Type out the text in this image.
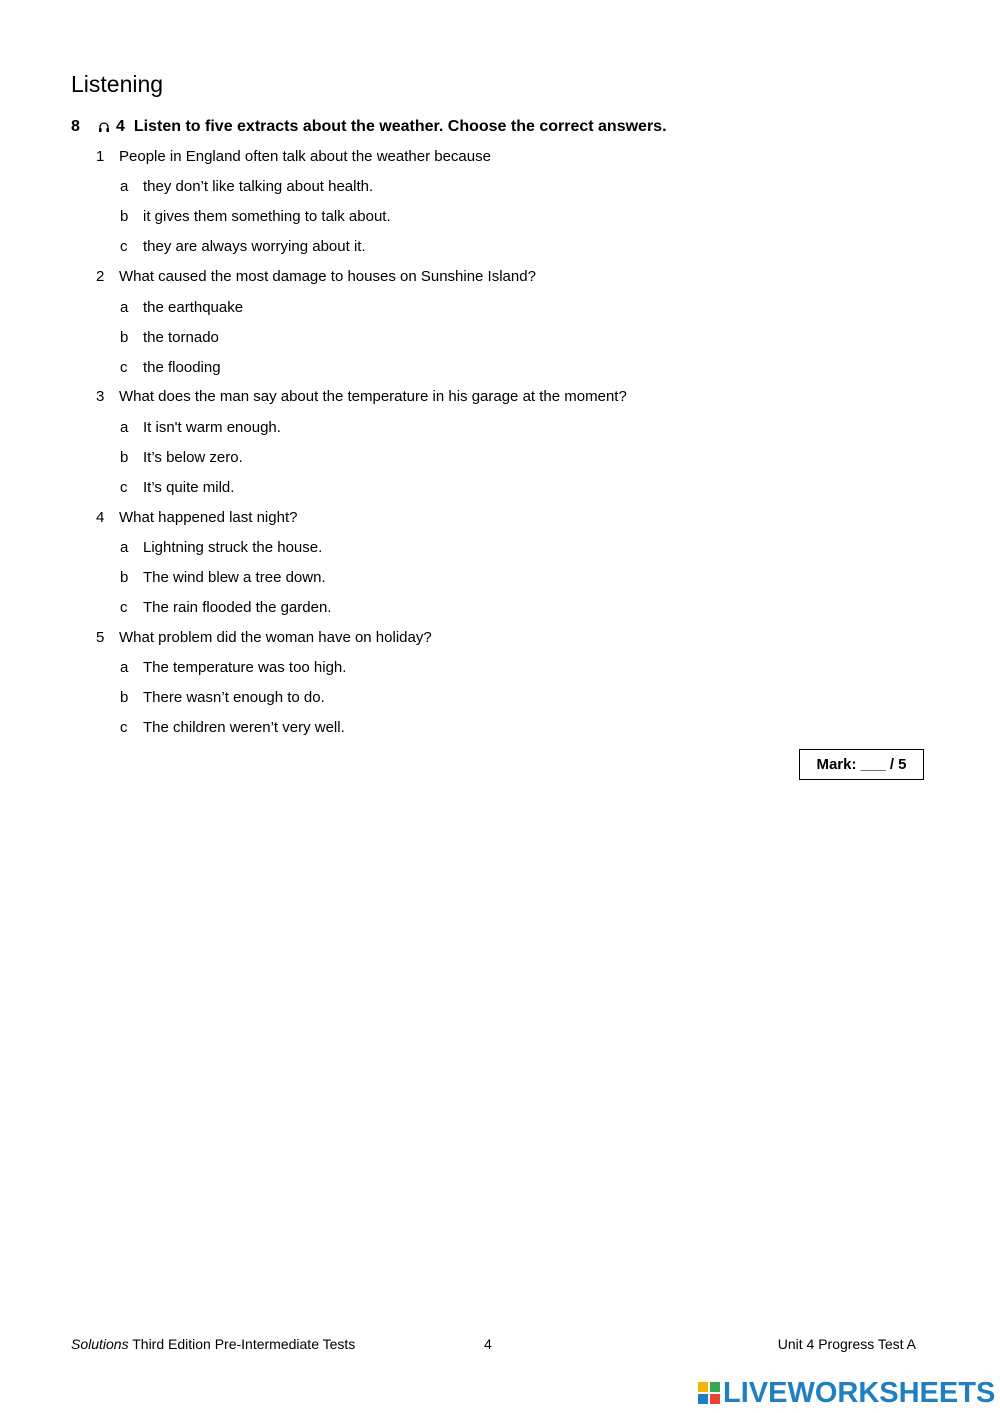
Listening
8	4 Listen to five extracts about the weather. Choose the correct answers.
1 People in England often talk about the weather because
a they don’t like talking about health.
b it gives them something to talk about.
c	they are always worrying about it.
2 What caused the most damage to houses on Sunshine Island?
a the earthquake
b the tornado
c	the flooding
3 What does the man say about the temperature in his garage at the moment?
a It isn't warm enough.
b It’s below zero.
c	It’s quite mild.
4 What happened last night?
a Lightning struck the house.
b The wind blew a tree down.
c	The rain flooded the garden.
5 What problem did the woman have on holiday?
a The temperature was too high.
b There wasn’t enough to do.
c	The children weren’t very well.
Mark: ___ / 5
Solutions Third Edition Pre-Intermediate Tests	4	Unit 4 Progress Test A
LIVEWORKSHEETS
